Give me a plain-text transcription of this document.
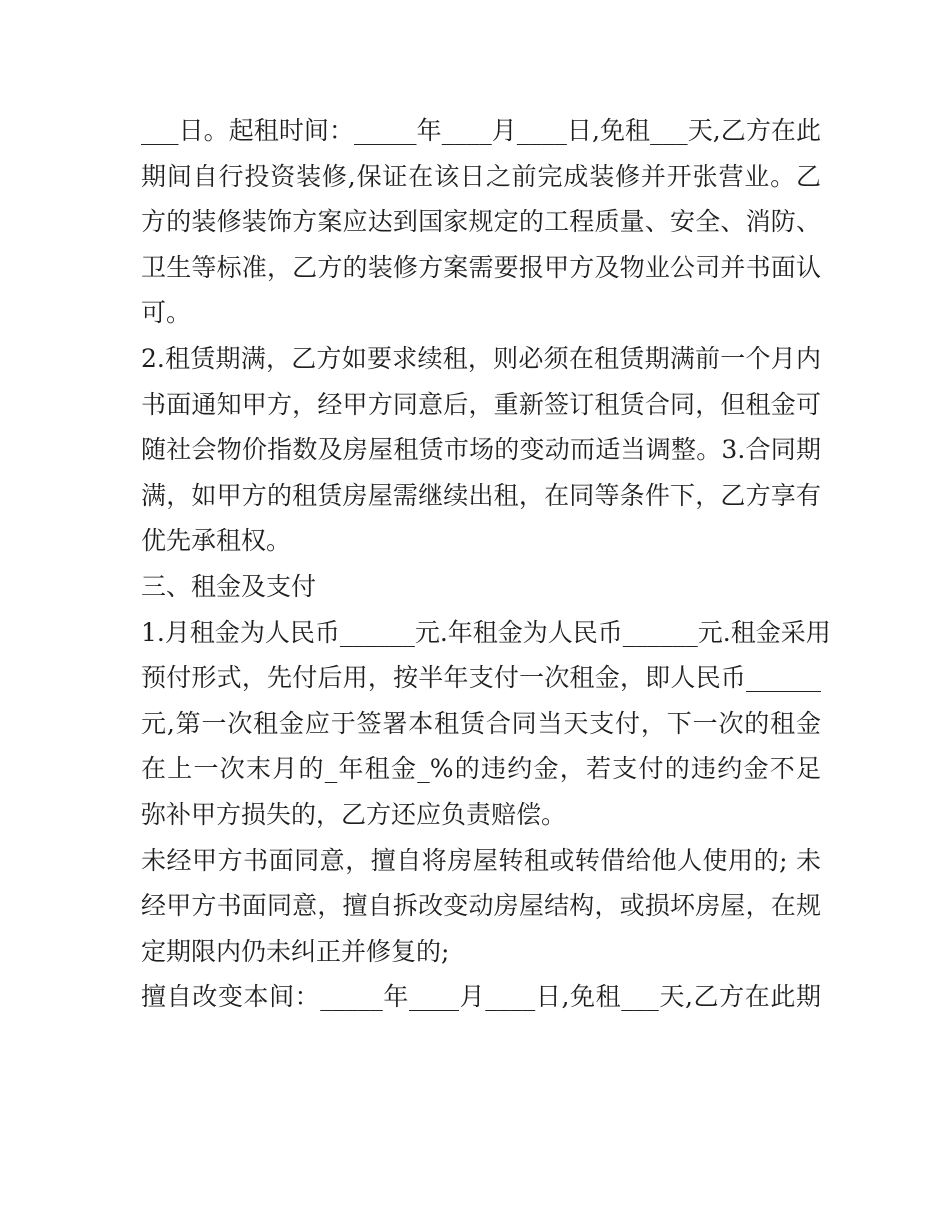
___日。起租时间：_____年____月____日,免租___天,乙方在此
期间自行投资装修,保证在该日之前完成装修并开张营业。乙
方的装修装饰方案应达到国家规定的工程质量、安全、消防、
卫生等标准，乙方的装修方案需要报甲方及物业公司并书面认
可。
2.租赁期满，乙方如要求续租，则必须在租赁期满前一个月内
书面通知甲方，经甲方同意后，重新签订租赁合同，但租金可
随社会物价指数及房屋租赁市场的变动而适当调整。3.合同期
满，如甲方的租赁房屋需继续出租，在同等条件下，乙方享有
优先承租权。
三、租金及支付
1.月租金为人民币______元.年租金为人民币______元.租金采用
预付形式，先付后用，按半年支付一次租金，即人民币______
元,第一次租金应于签署本租赁合同当天支付，下一次的租金
在上一次末月的_年租金_%的违约金，若支付的违约金不足
弥补甲方损失的，乙方还应负责赔偿。
未经甲方书面同意，擅自将房屋转租或转借给他人使用的; 未
经甲方书面同意，擅自拆改变动房屋结构，或损坏房屋，在规
定期限内仍未纠正并修复的;
擅自改变本间：_____年____月____日,免租___天,乙方在此期
